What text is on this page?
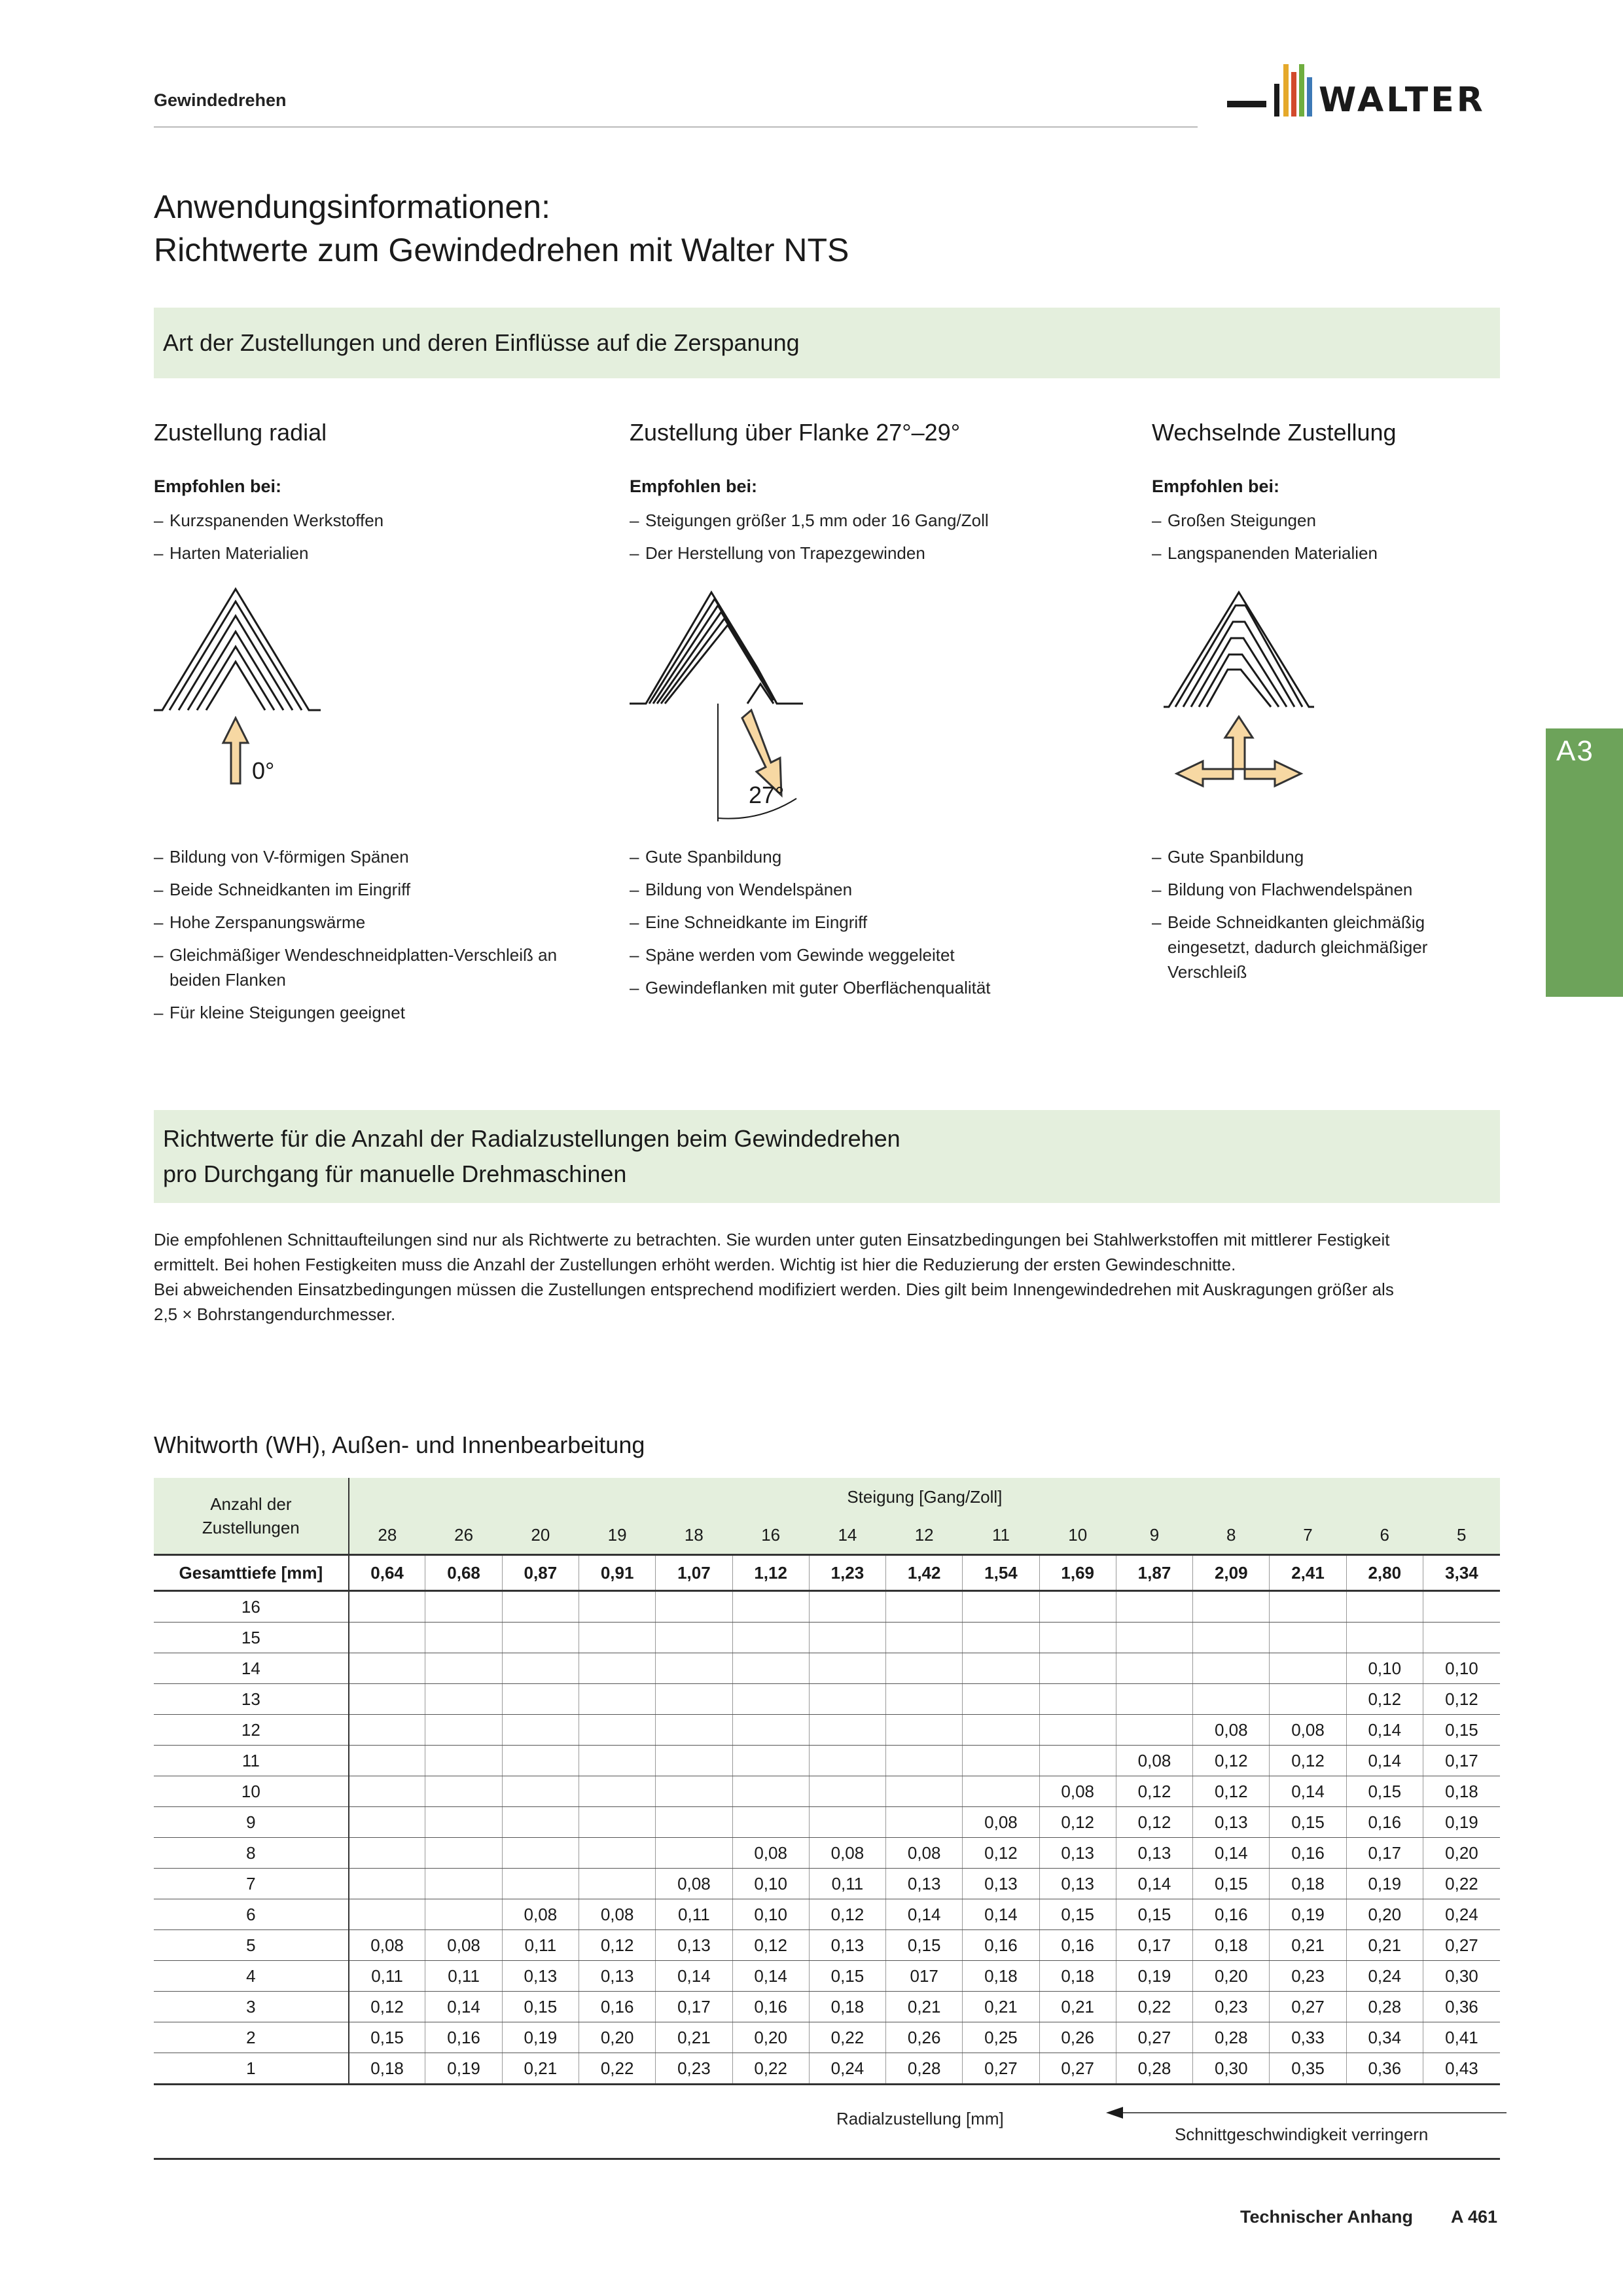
Gewindedrehen	WALTER
Anwendungsinformationen:
Richtwerte zum Gewindedrehen mit Walter NTS
A3
Art der Zustellungen und deren Einflüsse auf die Zerspanung
Zustellung radial
Empfohlen bei:
– Kurzspanenden Werkstoffen
– Harten Materialien
0°
– Bildung von V-förmigen Spänen
– Beide Schneidkanten im Eingriff
– Hohe Zerspanungswärme
– Gleichmäßiger Wendeschneidplatten-Verschleiß an beiden Flanken
– Für kleine Steigungen geeignet
Zustellung über Flanke 27°–29°
Empfohlen bei:
– Steigungen größer 1,5 mm oder 16 Gang/Zoll
– Der Herstellung von Trapezgewinden
27°
– Gute Spanbildung
– Bildung von Wendelspänen
– Eine Schneidkante im Eingriff
– Späne werden vom Gewinde weggeleitet
– Gewindeflanken mit guter Oberflächenqualität
Wechselnde Zustellung
Empfohlen bei:
– Großen Steigungen
– Langspanenden Materialien
– Gute Spanbildung
– Bildung von Flachwendelspänen
– Beide Schneidkanten gleichmäßig eingesetzt, dadurch gleichmäßiger Verschleiß
Richtwerte für die Anzahl der Radialzustellungen beim Gewindedrehen
pro Durchgang für manuelle Drehmaschinen

Die empfohlenen Schnittaufteilungen sind nur als Richtwerte zu betrachten. Sie wurden unter guten Einsatzbedingungen bei Stahlwerkstoffen mit mittlerer Festigkeit

ermittelt. Bei hohen Festigkeiten muss die Anzahl der Zustellungen erhöht werden. Wichtig ist hier die Reduzierung der ersten Gewindeschnitte.

Bei abweichenden Einsatzbedingungen müssen die Zustellungen entsprechend modifiziert werden. Dies gilt beim Innengewindedrehen mit Auskragungen größer als

2,5 × Bohrstangendurchmesser.

Whitworth (WH), Außen- und Innenbearbeitung
Anzahl der
Zustellungen	Steigung [Gang/Zoll]														
	28	26	20	19	18	16	14	12	11	10	9	8	7	6	5
Gesamttiefe [mm]	0,64	0,68	0,87	0,91	1,07	1,12	1,23	1,42	1,54	1,69	1,87	2,09	2,41	2,80	3,34
16															
15															
14														0,10	0,10
13														0,12	0,12
12												0,08	0,08	0,14	0,15
11											0,08	0,12	0,12	0,14	0,17
10										0,08	0,12	0,12	0,14	0,15	0,18
9									0,08	0,12	0,12	0,13	0,15	0,16	0,19
8						0,08	0,08	0,08	0,12	0,13	0,13	0,14	0,16	0,17	0,20
7					0,08	0,10	0,11	0,13	0,13	0,13	0,14	0,15	0,18	0,19	0,22
6			0,08	0,08	0,11	0,10	0,12	0,14	0,14	0,15	0,15	0,16	0,19	0,20	0,24
5	0,08	0,08	0,11	0,12	0,13	0,12	0,13	0,15	0,16	0,16	0,17	0,18	0,21	0,21	0,27
4	0,11	0,11	0,13	0,13	0,14	0,14	0,15	017	0,18	0,18	0,19	0,20	0,23	0,24	0,30
3	0,12	0,14	0,15	0,16	0,17	0,16	0,18	0,21	0,21	0,21	0,22	0,23	0,27	0,28	0,36
2	0,15	0,16	0,19	0,20	0,21	0,20	0,22	0,26	0,25	0,26	0,27	0,28	0,33	0,34	0,41
1	0,18	0,19	0,21	0,22	0,23	0,22	0,24	0,28	0,27	0,27	0,28	0,30	0,35	0,36	0,43
Radialzustellung [mm]
Schnittgeschwindigkeit verringern
Technischer Anhang A 461
